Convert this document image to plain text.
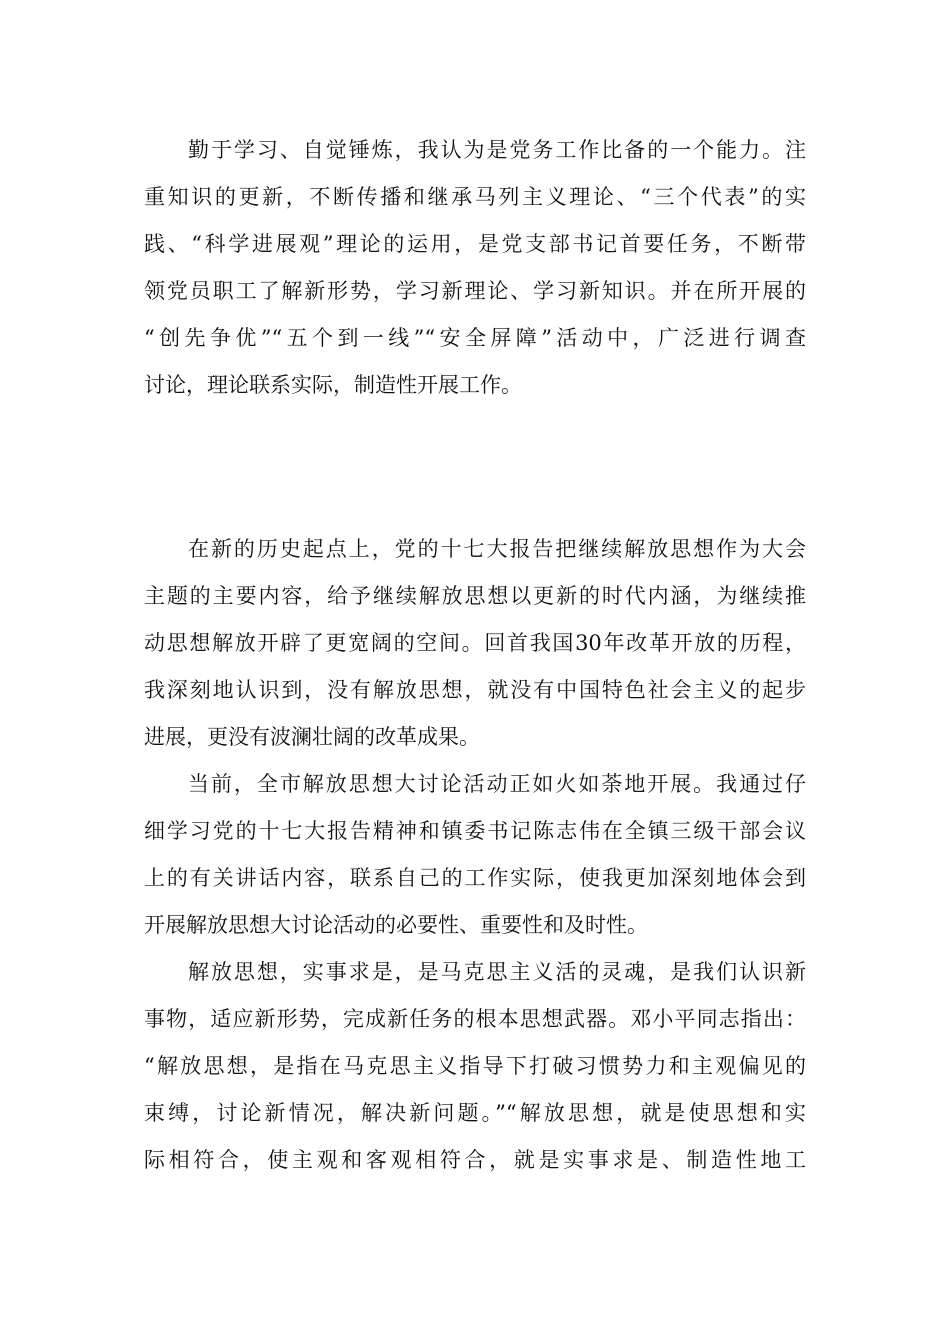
勤于学习、自觉锤炼，我认为是党务工作比备的一个能力。注
重知识的更新，不断传播和继承马列主义理论、“三个代表”的实
践、“科学进展观”理论的运用，是党支部书记首要任务，不断带
领党员职工了解新形势，学习新理论、学习新知识。并在所开展的
“创先争优”“五个到一线”“安全屏障”活动中，广泛进行调查
讨论，理论联系实际，制造性开展工作。
在新的历史起点上，党的十七大报告把继续解放思想作为大会
主题的主要内容，给予继续解放思想以更新的时代内涵，为继续推
动思想解放开辟了更宽阔的空间。回首我国30年改革开放的历程，
我深刻地认识到，没有解放思想，就没有中国特色社会主义的起步
进展，更没有波澜壮阔的改革成果。
当前，全市解放思想大讨论活动正如火如荼地开展。我通过仔
细学习党的十七大报告精神和镇委书记陈志伟在全镇三级干部会议
上的有关讲话内容，联系自己的工作实际，使我更加深刻地体会到
开展解放思想大讨论活动的必要性、重要性和及时性。
解放思想，实事求是，是马克思主义活的灵魂，是我们认识新
事物，适应新形势，完成新任务的根本思想武器。邓小平同志指出：
“解放思想，是指在马克思主义指导下打破习惯势力和主观偏见的
束缚，讨论新情况，解决新问题。”“解放思想，就是使思想和实
际相符合，使主观和客观相符合，就是实事求是、制造性地工
